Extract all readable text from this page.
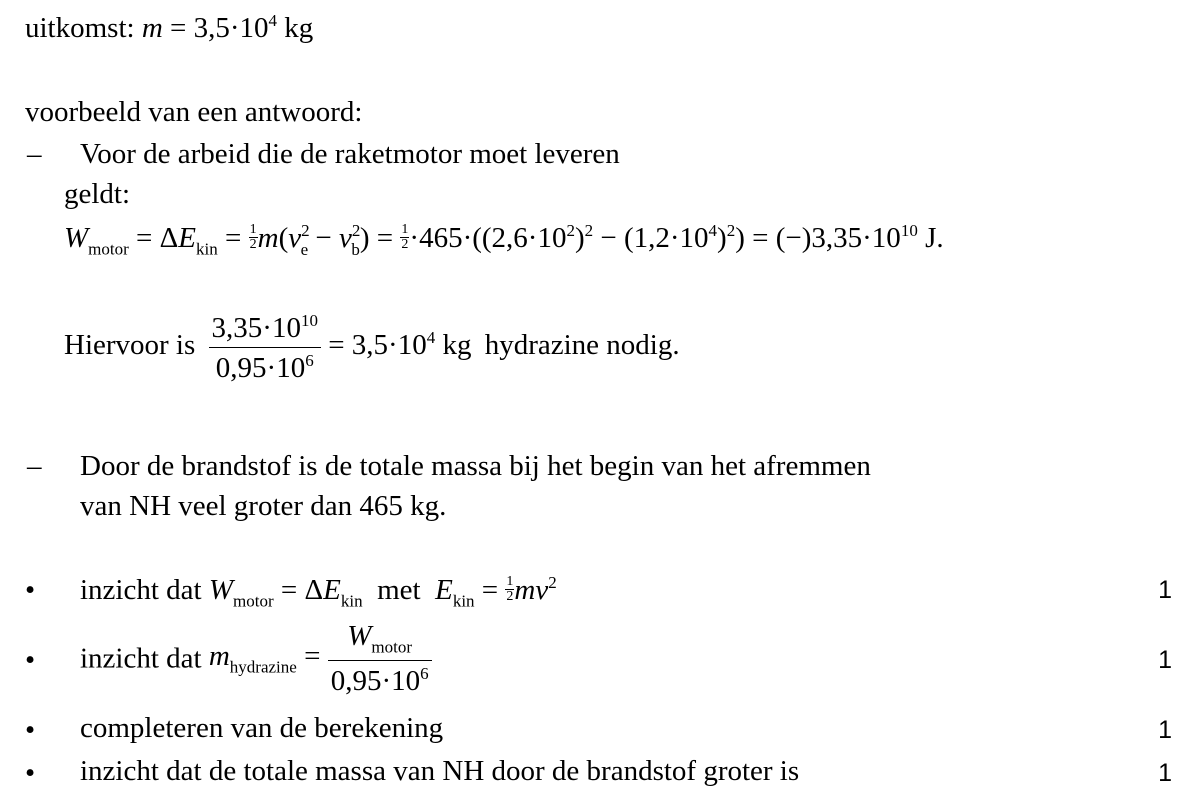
uitkomst: $m = 3,5\cdot 10^4$ kg
voorbeeld van een antwoord:
– Voor de arbeid die de raketmotor moet leveren
geldt:
$W_{motor} = \Delta E_{kin} = \frac{1}{2} m(v^2_e - v^2_b) = \frac{1}{2} \cdot 465\cdot((2,6\cdot 10^2)^2 - (1,2\cdot 10^4)^2) = (-)3,35\cdot 10^{10}$ J.
Hiervoor is $\frac{3,35\cdot 10^{10}}{0,95\cdot 10^6} = 3,5\cdot 10^4$ kg hydrazine nodig.
– Door de brandstof is de totale massa bij het begin van het afremmen
van NH veel groter dan 465 kg.
• inzicht dat $W_{motor} = \Delta E_{kin}$  met  $E_{kin} = \frac{1}{2} mv^2$	1
• inzicht dat $m_{hydrazine} = \frac{W_{motor}}{0,95\cdot 10^6}$	1
• completeren van de berekening	1
• inzicht dat de totale massa van NH door de brandstof groter is	1
